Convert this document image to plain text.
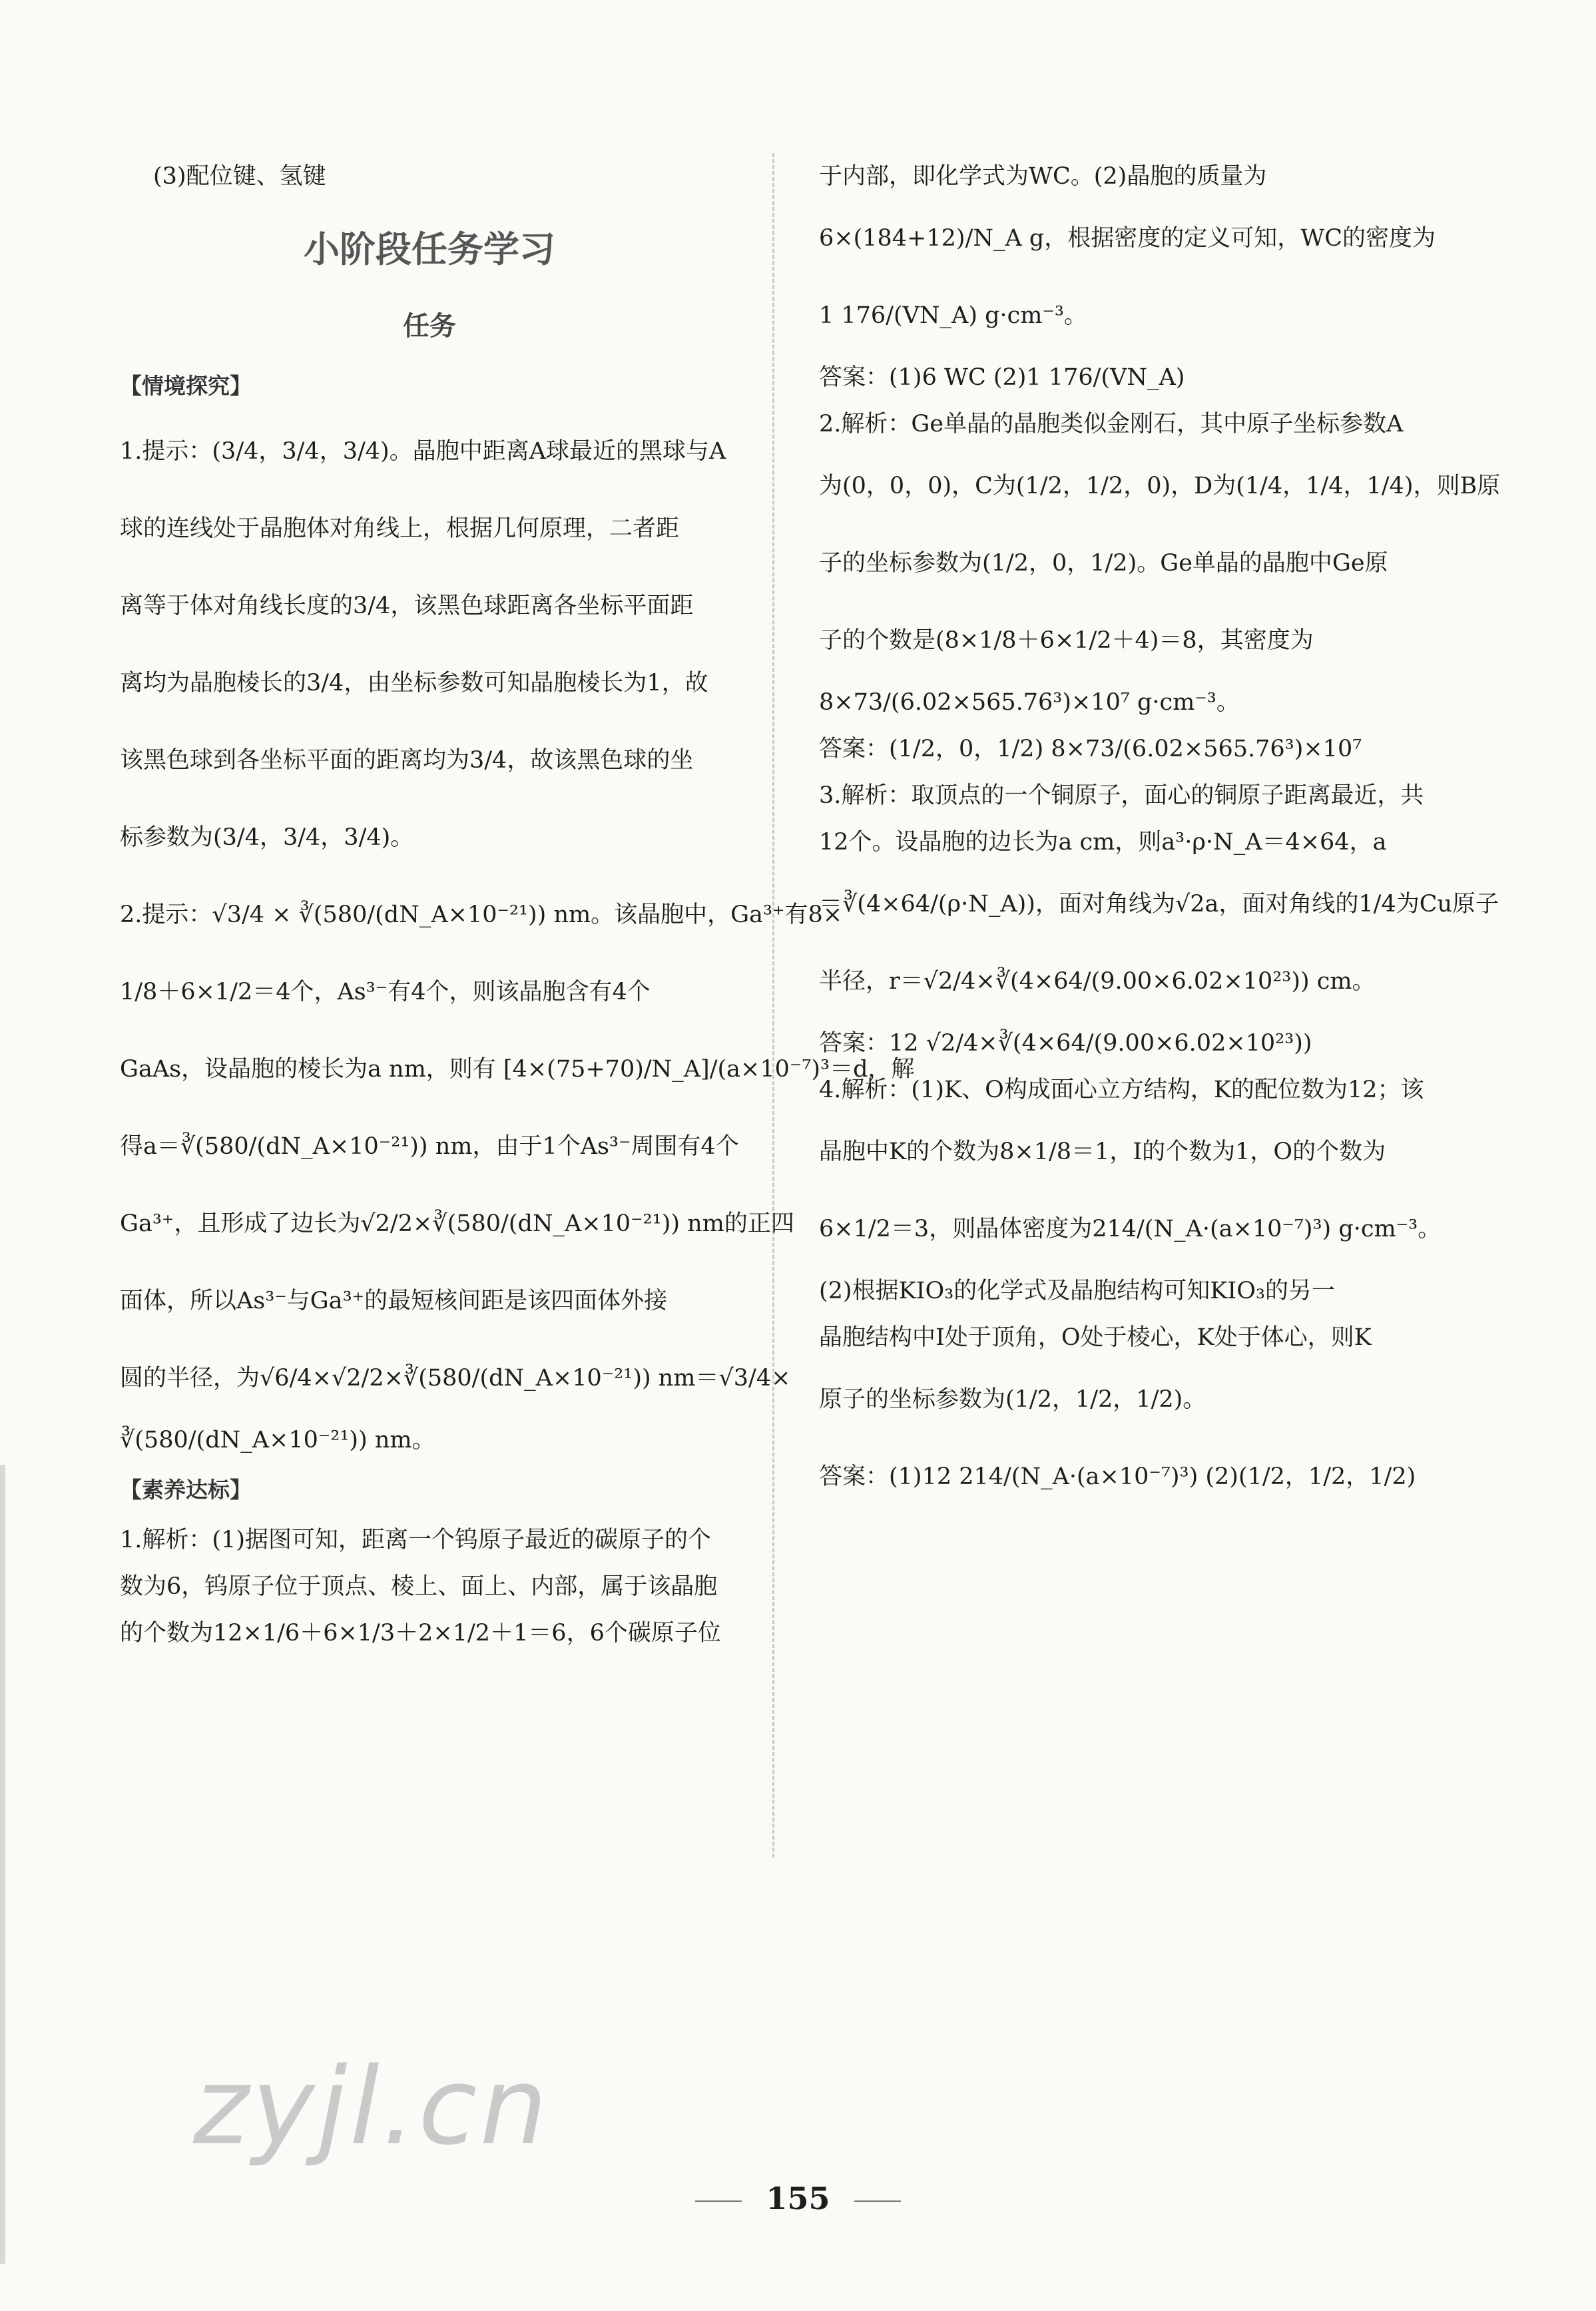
(3)配位键、氢键
小阶段任务学习
任务
【情境探究】
1.提示：(3/4，3/4，3/4)。晶胞中距离A球最近的黑球与A
球的连线处于晶胞体对角线上，根据几何原理，二者距
离等于体对角线长度的3/4，该黑色球距离各坐标平面距
离均为晶胞棱长的3/4，由坐标参数可知晶胞棱长为1，故
该黑色球到各坐标平面的距离均为3/4，故该黑色球的坐
标参数为(3/4，3/4，3/4)。
2.提示：√3/4 × ∛(580/(dN_A×10⁻²¹)) nm。该晶胞中，Ga³⁺有8×
1/8＋6×1/2＝4个，As³⁻有4个，则该晶胞含有4个
GaAs，设晶胞的棱长为a nm，则有 [4×(75+70)/N_A]/(a×10⁻⁷)³＝d，解
得a＝∛(580/(dN_A×10⁻²¹)) nm，由于1个As³⁻周围有4个
Ga³⁺，且形成了边长为√2/2×∛(580/(dN_A×10⁻²¹)) nm的正四
面体，所以As³⁻与Ga³⁺的最短核间距是该四面体外接
圆的半径，为√6/4×√2/2×∛(580/(dN_A×10⁻²¹)) nm＝√3/4×
∛(580/(dN_A×10⁻²¹)) nm。
【素养达标】
1.解析：(1)据图可知，距离一个钨原子最近的碳原子的个
数为6，钨原子位于顶点、棱上、面上、内部，属于该晶胞
的个数为12×1/6＋6×1/3＋2×1/2＋1＝6，6个碳原子位
于内部，即化学式为WC。(2)晶胞的质量为
6×(184+12)/N_A g，根据密度的定义可知，WC的密度为
1 176/(VN_A) g·cm⁻³。
答案：(1)6 WC (2)1 176/(VN_A)
2.解析：Ge单晶的晶胞类似金刚石，其中原子坐标参数A
为(0，0，0)，C为(1/2，1/2，0)，D为(1/4，1/4，1/4)，则B原
子的坐标参数为(1/2，0，1/2)。Ge单晶的晶胞中Ge原
子的个数是(8×1/8＋6×1/2＋4)＝8，其密度为
8×73/(6.02×565.76³)×10⁷ g·cm⁻³。
答案：(1/2，0，1/2) 8×73/(6.02×565.76³)×10⁷
3.解析：取顶点的一个铜原子，面心的铜原子距离最近，共
12个。设晶胞的边长为a cm，则a³·ρ·N_A＝4×64，a
＝∛(4×64/(ρ·N_A))，面对角线为√2a，面对角线的1/4为Cu原子
半径，r＝√2/4×∛(4×64/(9.00×6.02×10²³)) cm。
答案：12 √2/4×∛(4×64/(9.00×6.02×10²³))
4.解析：(1)K、O构成面心立方结构，K的配位数为12；该
晶胞中K的个数为8×1/8＝1，I的个数为1，O的个数为
6×1/2＝3，则晶体密度为214/(N_A·(a×10⁻⁷)³) g·cm⁻³。
(2)根据KIO₃的化学式及晶胞结构可知KIO₃的另一
晶胞结构中I处于顶角，O处于棱心，K处于体心，则K
原子的坐标参数为(1/2，1/2，1/2)。
答案：(1)12 214/(N_A·(a×10⁻⁷)³) (2)(1/2，1/2，1/2)
zyjl.cn
155
